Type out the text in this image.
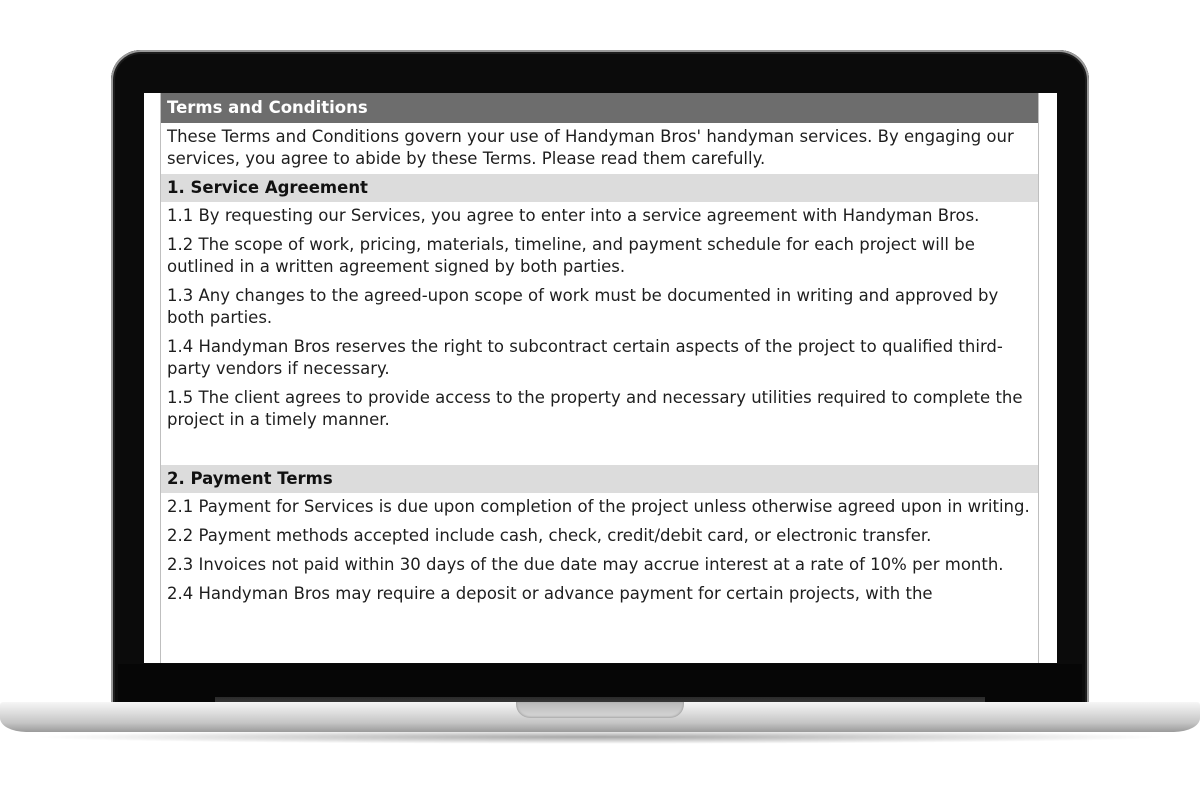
Terms and Conditions
These Terms and Conditions govern your use of Handyman Bros' handyman services. By engaging our services, you agree to abide by these Terms. Please read them carefully.
1. Service Agreement
1.1 By requesting our Services, you agree to enter into a service agreement with Handyman Bros.
1.2 The scope of work, pricing, materials, timeline, and payment schedule for each project will be outlined in a written agreement signed by both parties.
1.3 Any changes to the agreed-upon scope of work must be documented in writing and approved by both parties.
1.4 Handyman Bros reserves the right to subcontract certain aspects of the project to qualified third-party vendors if necessary.
1.5 The client agrees to provide access to the property and necessary utilities required to complete the project in a timely manner.
2. Payment Terms
2.1 Payment for Services is due upon completion of the project unless otherwise agreed upon in writing.
2.2 Payment methods accepted include cash, check, credit/debit card, or electronic transfer.
2.3 Invoices not paid within 30 days of the due date may accrue interest at a rate of 10% per month.
2.4 Handyman Bros may require a deposit or advance payment for certain projects, with the
